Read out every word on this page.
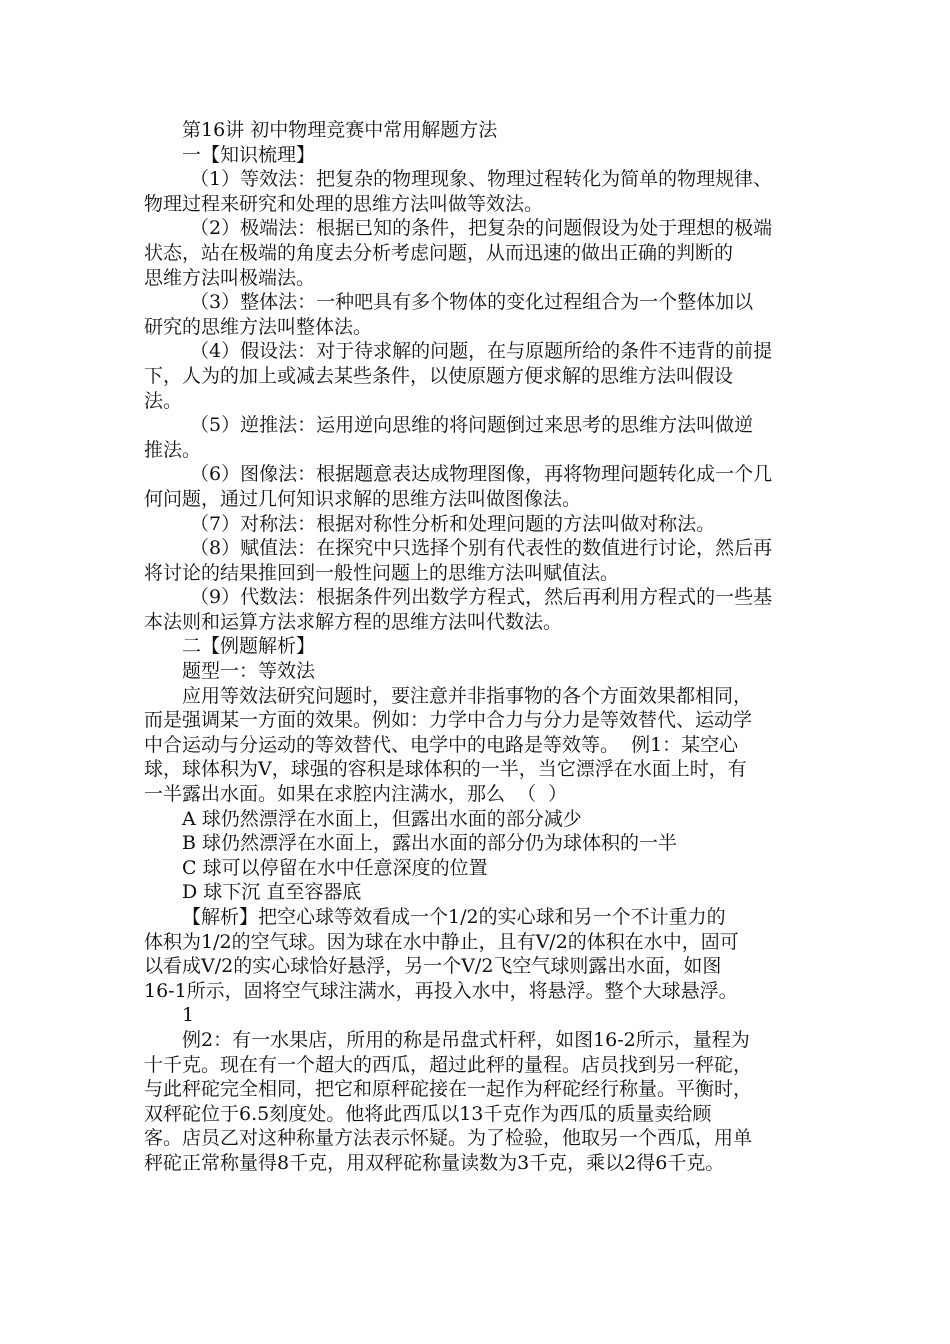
第16讲 初中物理竞赛中常用解题方法
一【知识梳理】
（1）等效法：把复杂的物理现象、物理过程转化为简单的物理规律、
物理过程来研究和处理的思维方法叫做等效法。
（2）极端法：根据已知的条件，把复杂的问题假设为处于理想的极端
状态，站在极端的角度去分析考虑问题，从而迅速的做出正确的判断的
思维方法叫极端法。
（3）整体法：一种吧具有多个物体的变化过程组合为一个整体加以
研究的思维方法叫整体法。
（4）假设法：对于待求解的问题，在与原题所给的条件不违背的前提
下，人为的加上或减去某些条件，以使原题方便求解的思维方法叫假设
法。
（5）逆推法：运用逆向思维的将问题倒过来思考的思维方法叫做逆
推法。
（6）图像法：根据题意表达成物理图像，再将物理问题转化成一个几
何问题，通过几何知识求解的思维方法叫做图像法。
（7）对称法：根据对称性分析和处理问题的方法叫做对称法。
（8）赋值法：在探究中只选择个别有代表性的数值进行讨论，然后再
将讨论的结果推回到一般性问题上的思维方法叫赋值法。
（9）代数法：根据条件列出数学方程式，然后再利用方程式的一些基
本法则和运算方法求解方程的思维方法叫代数法。
二【例题解析】
题型一：等效法
应用等效法研究问题时，要注意并非指事物的各个方面效果都相同，
而是强调某一方面的效果。例如：力学中合力与分力是等效替代、运动学
中合运动与分运动的等效替代、电学中的电路是等效等。  例1：某空心
球，球体积为V，球强的容积是球体积的一半，当它漂浮在水面上时，有
一半露出水面。如果在求腔内注满水，那么  （  ）
A 球仍然漂浮在水面上，但露出水面的部分减少
B 球仍然漂浮在水面上，露出水面的部分仍为球体积的一半
C 球可以停留在水中任意深度的位置
D 球下沉 直至容器底
【解析】把空心球等效看成一个1/2的实心球和另一个不计重力的
体积为1/2的空气球。因为球在水中静止，且有V/2的体积在水中，固可
以看成V/2的实心球恰好悬浮，另一个V/2飞空气球则露出水面，如图
16-1所示，固将空气球注满水，再投入水中，将悬浮。整个大球悬浮。
1
例2：有一水果店，所用的称是吊盘式杆秤，如图16-2所示，量程为
十千克。现在有一个超大的西瓜，超过此秤的量程。店员找到另一秤砣，
与此秤砣完全相同，把它和原秤砣接在一起作为秤砣经行称量。平衡时，
双秤砣位于6.5刻度处。他将此西瓜以13千克作为西瓜的质量卖给顾
客。店员乙对这种称量方法表示怀疑。为了检验，他取另一个西瓜，用单
秤砣正常称量得8千克，用双秤砣称量读数为3千克，乘以2得6千克。
